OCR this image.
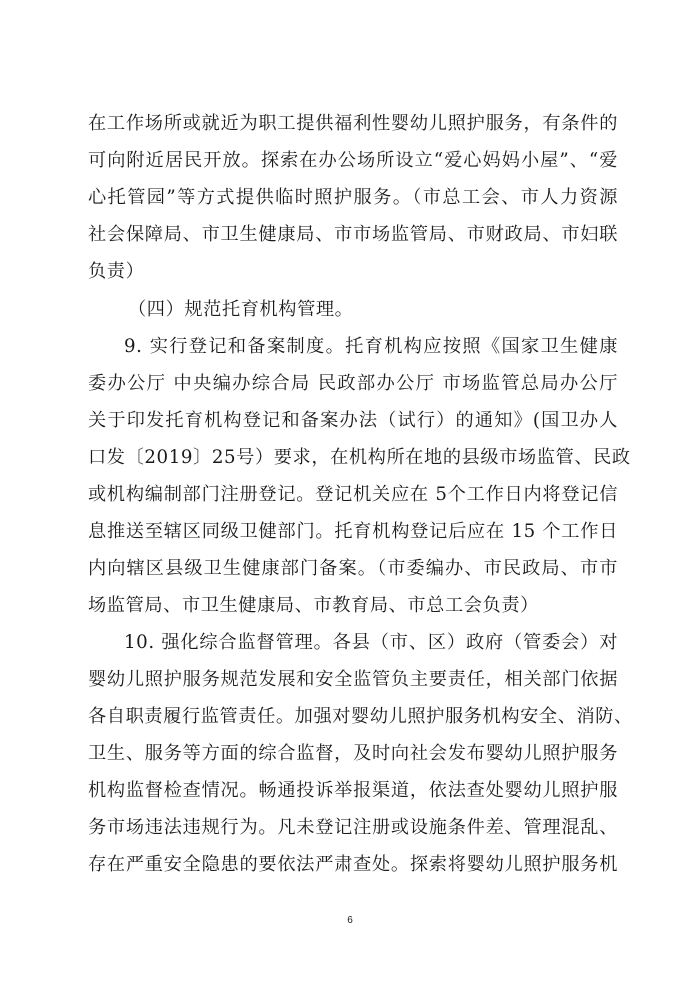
在工作场所或就近为职工提供福利性婴幼儿照护服务，有条件的
可向附近居民开放。探索在办公场所设立“爱心妈妈小屋”、“爱
心托管园”等方式提供临时照护服务。（市总工会、市人力资源
社会保障局、市卫生健康局、市市场监管局、市财政局、市妇联
负责）
（四）规范托育机构管理。
9. 实行登记和备案制度。托育机构应按照《国家卫生健康
委办公厅 中央编办综合局 民政部办公厅 市场监管总局办公厅
关于印发托育机构登记和备案办法（试行）的通知》(国卫办人
口发〔2019〕25号）要求，在机构所在地的县级市场监管、民政
或机构编制部门注册登记。登记机关应在 5个工作日内将登记信
息推送至辖区同级卫健部门。托育机构登记后应在 15 个工作日
内向辖区县级卫生健康部门备案。（市委编办、市民政局、市市
场监管局、市卫生健康局、市教育局、市总工会负责）
10. 强化综合监督管理。各县（市、区）政府（管委会）对
婴幼儿照护服务规范发展和安全监管负主要责任，相关部门依据
各自职责履行监管责任。加强对婴幼儿照护服务机构安全、消防、
卫生、服务等方面的综合监督，及时向社会发布婴幼儿照护服务
机构监督检查情况。畅通投诉举报渠道，依法查处婴幼儿照护服
务市场违法违规行为。凡未登记注册或设施条件差、管理混乱、
存在严重安全隐患的要依法严肃查处。探索将婴幼儿照护服务机
6
